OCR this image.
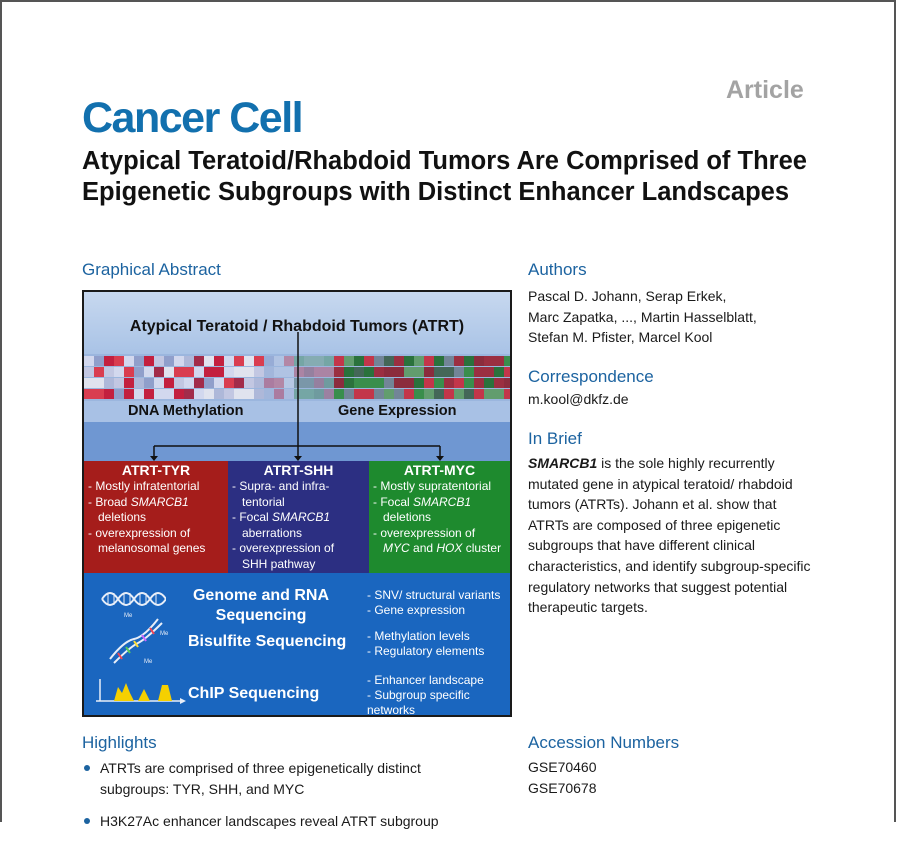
Article
Cancer Cell
Atypical Teratoid/Rhabdoid Tumors Are Comprised of Three Epigenetic Subgroups with Distinct Enhancer Landscapes
Graphical Abstract
Atypical Teratoid / Rhabdoid Tumors (ATRT)
DNA Methylation	Gene Expression
ATRT-TYR
- Mostly infratentorial
- Broad SMARCB1
deletions
- overexpression of
melanosomal genes
ATRT-SHH
- Supra- and infra-
tentorial
- Focal SMARCB1
aberrations
- overexpression of
SHH pathway
ATRT-MYC
- Mostly supratentorial
- Focal SMARCB1
deletions
- overexpression of
MYC and HOX cluster
Me
Me
Me
Genome and RNA
Sequencing
- SNV/ structural variants
- Gene expression
Bisulfite Sequencing	- Methylation levels
- Regulatory elements
ChIP Sequencing
- Enhancer landscape
- Subgroup specific
networks
Authors
Pascal D. Johann, Serap Erkek,
Marc Zapatka, ..., Martin Hasselblatt,
Stefan M. Pfister, Marcel Kool
Correspondence
m.kool@dkfz.de
In Brief
SMARCB1 is the sole highly recurrently mutated gene in atypical teratoid/ rhabdoid tumors (ATRTs). Johann et al. show that ATRTs are composed of three epigenetic subgroups that have different clinical characteristics, and identify subgroup-specific regulatory networks that suggest potential therapeutic targets.
Highlights
ATRTs are comprised of three epigenetically distinct subgroups: TYR, SHH, and MYC
H3K27Ac enhancer landscapes reveal ATRT subgroup
Accession Numbers
GSE70460
GSE70678
